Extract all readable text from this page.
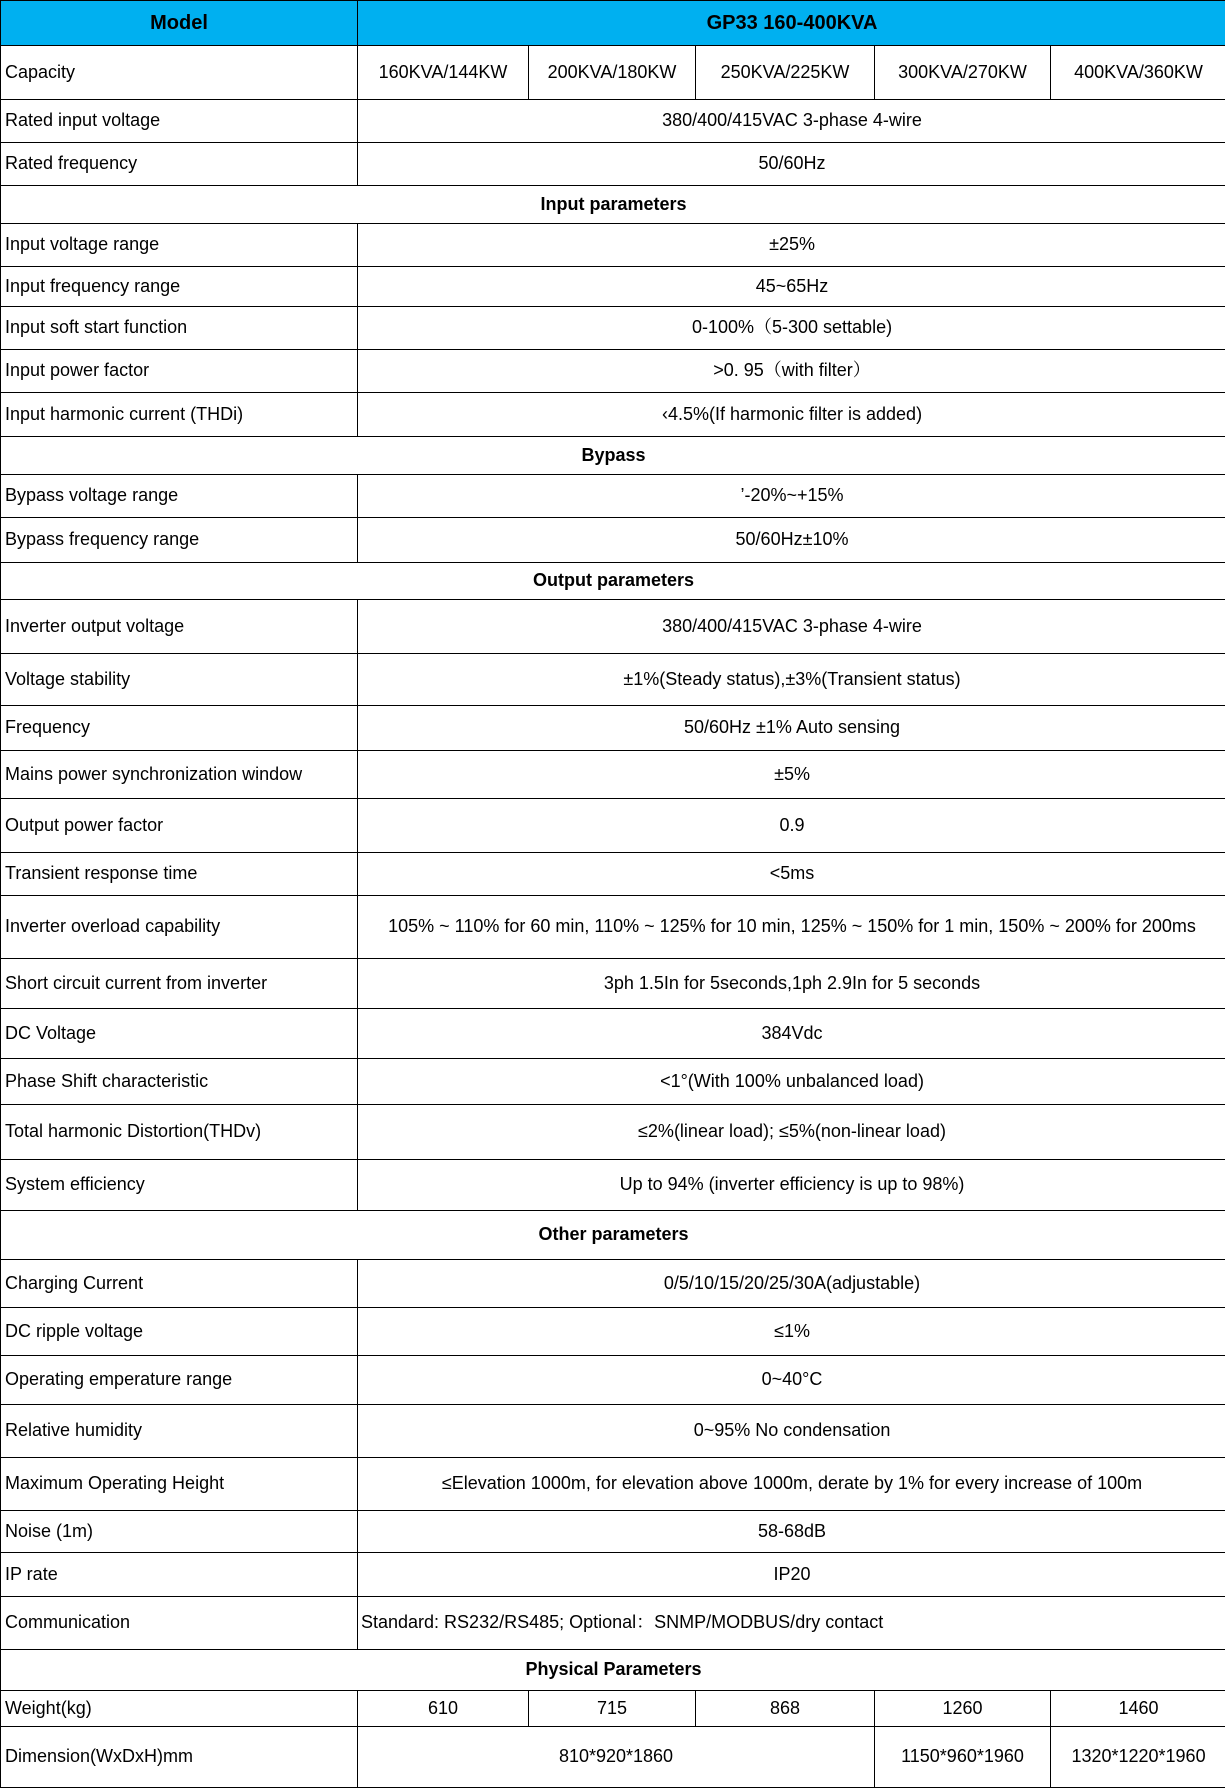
Model	GP33 160-400KVA				
Capacity	160KVA/144KW	200KVA/180KW	250KVA/225KW	300KVA/270KW	400KVA/360KW
Rated input voltage	380/400/415VAC 3-phase 4-wire				
Rated frequency	50/60Hz				
Input parameters					
Input voltage range	±25%				
Input frequency range	45~65Hz				
Input soft start function	0-100%（5-300 settable)				
Input power factor	>0. 95（with filter）				
Input harmonic current (THDi)	‹4.5%(If harmonic filter is added)				
Bypass					
Bypass voltage range	’-20%~+15%				
Bypass frequency range	50/60Hz±10%				
Output parameters					
Inverter output voltage	380/400/415VAC 3-phase 4-wire				
Voltage stability	±1%(Steady status),±3%(Transient status)				
Frequency	50/60Hz ±1% Auto sensing				
Mains power synchronization window	±5%				
Output power factor	0.9				
Transient response time	<5ms				
Inverter overload capability	105% ~ 110% for 60 min, 110% ~ 125% for 10 min, 125% ~ 150% for 1 min, 150% ~ 200% for 200ms				
Short circuit current from inverter	3ph 1.5In for 5seconds,1ph 2.9In for 5 seconds				
DC Voltage	384Vdc				
Phase Shift characteristic	<1°(With 100% unbalanced load)				
Total harmonic Distortion(THDv)	≤2%(linear load); ≤5%(non-linear load)				
System efficiency	Up to 94% (inverter efficiency is up to 98%)				
Other parameters					
Charging Current	0/5/10/15/20/25/30A(adjustable)				
DC ripple voltage	≤1%				
Operating emperature range	0~40°C				
Relative humidity	0~95% No condensation				
Maximum Operating Height	≤Elevation 1000m, for elevation above 1000m, derate by 1% for every increase of 100m				
Noise (1m)	58-68dB				
IP rate	IP20				
Communication	Standard: RS232/RS485; Optional：SNMP/MODBUS/dry contact				
Physical Parameters					
Weight(kg)	610	715	868	1260	1460
Dimension(WxDxH)mm	810*920*1860			1150*960*1960	1320*1220*1960
